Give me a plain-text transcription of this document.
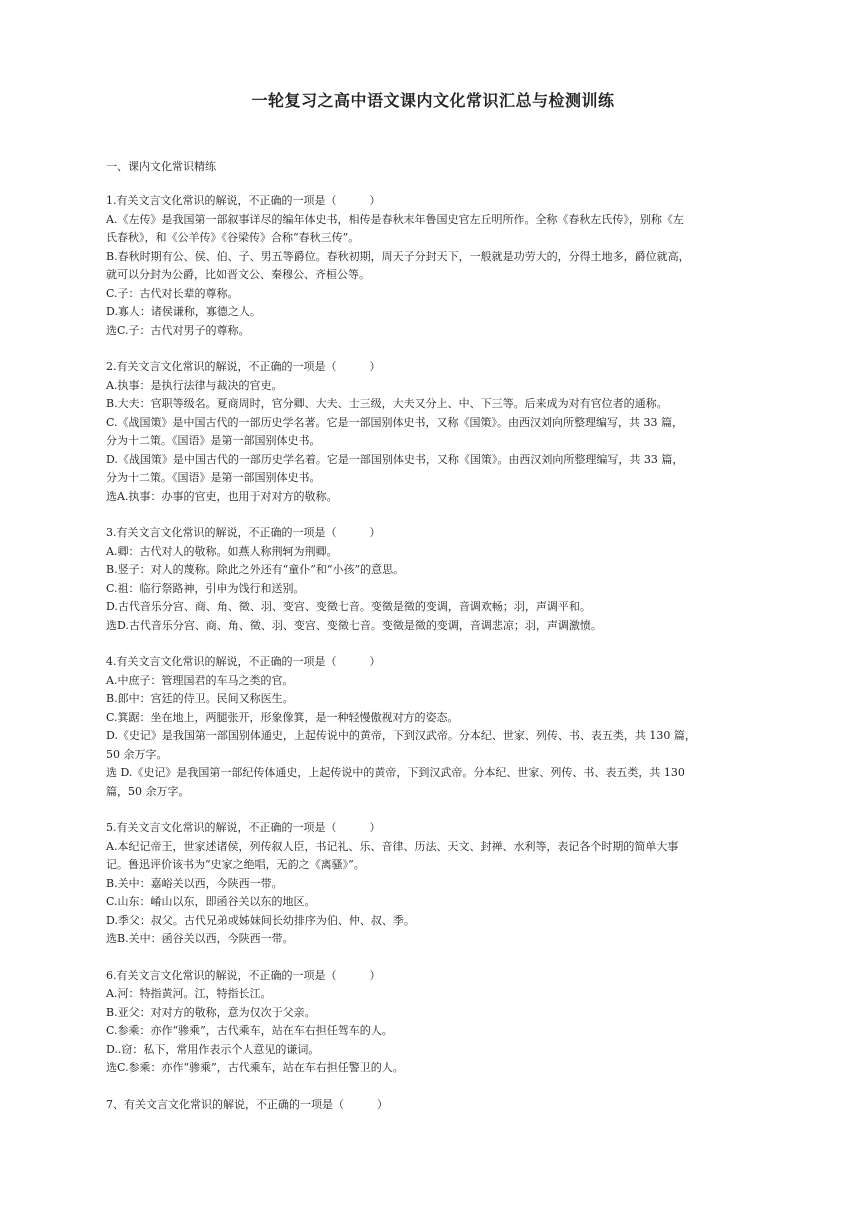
一轮复习之高中语文课内文化常识汇总与检测训练

一、课内文化常识精练

1.有关文言文化常识的解说，不正确的一项是（　　　）

A.《左传》是我国第一部叙事详尽的编年体史书，相传是春秋末年鲁国史官左丘明所作。全称《春秋左氏传》，别称《左

氏春秋》，和《公羊传》《谷梁传》合称“春秋三传”。

B.春秋时期有公、侯、伯、子、男五等爵位。春秋初期，周天子分封天下，一般就是功劳大的，分得土地多，爵位就高，

就可以分封为公爵，比如晋文公、秦穆公、齐桓公等。

C.子：古代对长辈的尊称。

D.寡人：诸侯谦称，寡德之人。

选C.子：古代对男子的尊称。

2.有关文言文化常识的解说，不正确的一项是（　　　）

A.执事：是执行法律与裁决的官吏。

B.大夫：官职等级名。夏商周时，官分卿、大夫、士三级，大夫又分上、中、下三等。后来成为对有官位者的通称。

C.《战国策》是中国古代的一部历史学名著。它是一部国别体史书，又称《国策》。由西汉刘向所整理编写，共 33 篇，

分为十二策。《国语》是第一部国别体史书。

D.《战国策》是中国古代的一部历史学名着。它是一部国别体史书，又称《国策》。由西汉刘向所整理编写，共 33 篇，

分为十二策。《国语》是第一部国别体史书。

选A.执事：办事的官吏，也用于对对方的敬称。

3.有关文言文化常识的解说，不正确的一项是（　　　）

A.卿：古代对人的敬称。如燕人称荆轲为荆卿。

B.竖子：对人的蔑称。除此之外还有“童仆”和“小孩”的意思。

C.祖：临行祭路神，引申为饯行和送别。

D.古代音乐分宫、商、角、徵、羽、变宫、变徵七音。变徵是徵的变调，音调欢畅；羽，声调平和。

选D.古代音乐分宫、商、角、徵、羽、变宫、变徵七音。变徵是徵的变调，音调悲凉；羽，声调激愤。

4.有关文言文化常识的解说，不正确的一项是（　　　）

A.中庶子：管理国君的车马之类的官。

B.郎中：宫廷的侍卫。民间又称医生。

C.箕踞：坐在地上，两腿张开，形象像箕，是一种轻慢傲视对方的姿态。

D.《史记》是我国第一部国别体通史，上起传说中的黄帝，下到汉武帝。分本纪、世家、列传、书、表五类，共 130 篇，

50 余万字。

选 D.《史记》是我国第一部纪传体通史，上起传说中的黄帝，下到汉武帝。分本纪、世家、列传、书、表五类，共 130

篇，50 余万字。

5.有关文言文化常识的解说，不正确的一项是（　　　）

A.本纪记帝王，世家述诸侯，列传叙人臣，书记礼、乐、音律、历法、天文、封禅、水利等，表记各个时期的简单大事

记。鲁迅评价该书为“史家之绝唱，无韵之《离骚》”。

B.关中：嘉峪关以西，今陕西一带。

C.山东：崤山以东，即函谷关以东的地区。

D.季父：叔父。古代兄弟或姊妹间长幼排序为伯、仲、叔、季。

选B.关中：函谷关以西，今陕西一带。

6.有关文言文化常识的解说，不正确的一项是（　　　）

A.河：特指黄河。江，特指长江。

B.亚父：对对方的敬称，意为仅次于父亲。

C.参乘：亦作“骖乘”，古代乘车，站在车右担任驾车的人。

D..窃：私下，常用作表示个人意见的谦词。

选C.参乘：亦作“骖乘”，古代乘车，站在车右担任警卫的人。

7、有关文言文化常识的解说，不正确的一项是（　　　）
